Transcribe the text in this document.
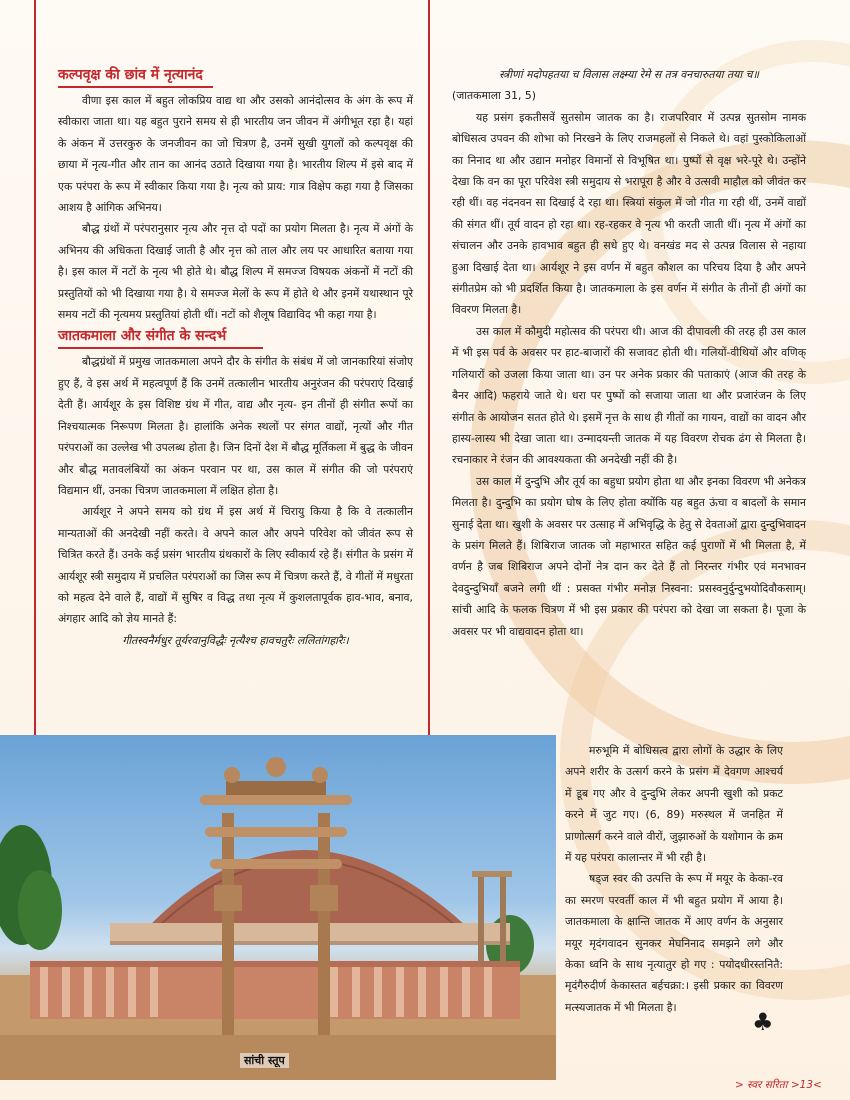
कल्पवृक्ष की छांव में नृत्यानंद

वीणा इस काल में बहुत लोकप्रिय वाद्य था और उसको आनंदोत्सव के अंग के रूप में स्वीकारा जाता था। यह बहुत पुराने समय से ही भारतीय जन जीवन में अंगीभूत रहा है। यहां के अंकन में उत्तरकुरु के जनजीवन का जो चित्रण है, उनमें सुखी युगलों को कल्पवृक्ष की छाया में नृत्य-गीत और तान का आनंद उठाते दिखाया गया है। भारतीय शिल्प में इसे बाद में एक परंपरा के रूप में स्वीकार किया गया है। नृत्य को प्राय: गात्र विक्षेप कहा गया है जिसका आशय है आंगिक अभिनय।

बौद्ध ग्रंथों में परंपरानुसार नृत्य और नृत्त दो पदों का प्रयोग मिलता है। नृत्य में अंगों के अभिनय की अधिकता दिखाई जाती है और नृत्त को ताल और लय पर आधारित बताया गया है। इस काल में नटों के नृत्य भी होते थे। बौद्ध शिल्प में समज्ज विषयक अंकनों में नटों की प्रस्तुतियों को भी दिखाया गया है। ये समज्ज मेलों के रूप में होते थे और इनमें यथास्थान पूरे समय नटों की नृत्यमय प्रस्तुतियां होती थीं। नटों को शैलूष विद्याविद भी कहा गया है।

जातकमाला और संगीत के सन्दर्भ

बौद्धग्रंथों में प्रमुख जातकमाला अपने दौर के संगीत के संबंध में जो जानकारियां संजोए हुए हैं, वे इस अर्थ में महत्वपूर्ण हैं कि उनमें तत्कालीन भारतीय अनुरंजन की परंपराएं दिखाई देती हैं। आर्यशूर के इस विशिष्ट ग्रंथ में गीत, वाद्य और नृत्य- इन तीनों ही संगीत रूपों का निश्चयात्मक निरूपण मिलता है। हालांकि अनेक स्थलों पर संगत वाद्यों, नृत्यों और गीत परंपराओं का उल्लेख भी उपलब्ध होता है। जिन दिनों देश में बौद्ध मूर्तिकला में बुद्ध के जीवन और बौद्ध मतावलंबियों का अंकन परवान पर था, उस काल में संगीत की जो परंपराएं विद्यमान थीं, उनका चित्रण जातकमाला में लक्षित होता है।

आर्यशूर ने अपने समय को ग्रंथ में इस अर्थ में चिरायु किया है कि वे तत्कालीन मान्यताओं की अनदेखी नहीं करते। वे अपने काल और अपने परिवेश को जीवंत रूप से चित्रित करते हैं। उनके कई प्रसंग भारतीय ग्रंथकारों के लिए स्वीकार्य रहे हैं। संगीत के प्रसंग में आर्यशूर स्त्री समुदाय में प्रचलित परंपराओं का जिस रूप में चित्रण करते हैं, वे गीतों में मधुरता को महत्व देने वाले हैं, वाद्यों में सुषिर व विद्ध तथा नृत्य में कुशलतापूर्वक हाव-भाव, बनाव, अंगहार आदि को ज्ञेय मानते हैं:

गीतस्वनैर्मधुर तूर्यरवानुविद्धैः नृत्यैश्च हावचतुरैः ललितांगहारैः।

स्त्रीणां मदोपहतया च विलास लक्ष्म्या रेमे स तत्र वनचारुतया तया च॥

(जातकमाला 31, 5)

यह प्रसंग इकतीसवें सुतसोम जातक का है। राजपरिवार में उत्पन्न सुतसोम नामक बोधिसत्व उपवन की शोभा को निरखने के लिए राजमहलों से निकले थे। वहां पुस्कोकिलाओं का निनाद था और उद्यान मनोहर विमानों से विभूषित था। पुष्पों से वृक्ष भरे-पूरे थे। उन्होंने देखा कि वन का पूरा परिवेश स्त्री समुदाय से भरापूरा है और वे उत्सवी माहौल को जीवंत कर रही थीं। वह नंदनवन सा दिखाई दे रहा था। स्त्रियां संकुल में जो गीत गा रही थीं, उनमें वाद्यों की संगत थीं। तूर्य वादन हो रहा था। रह-रहकर वे नृत्य भी करती जाती थीं। नृत्य में अंगों का संचालन और उनके हावभाव बहुत ही सधे हुए थे। वनखंड मद से उत्पन्न विलास से नहाया हुआ दिखाई देता था। आर्यशूर ने इस वर्णन में बहुत कौशल का परिचय दिया है और अपने संगीतप्रेम को भी प्रदर्शित किया है। जातकमाला के इस वर्णन में संगीत के तीनों ही अंगों का विवरण मिलता है।

उस काल में कौमुदी महोत्सव की परंपरा थी। आज की दीपावली की तरह ही उस काल में भी इस पर्व के अवसर पर हाट-बाजारों की सजावट होती थी। गलियों-वीथियों और वणिक् गलियारों को उजला किया जाता था। उन पर अनेक प्रकार की पताकाएं (आज की तरह के बैनर आदि) फहराये जाते थे। धरा पर पुष्पों को सजाया जाता था और प्रजारंजन के लिए संगीत के आयोजन सतत होते थे। इसमें नृत्त के साथ ही गीतों का गायन, वाद्यों का वादन और हास्य-लास्य भी देखा जाता था। उन्मादयन्ती जातक में यह विवरण रोचक ढंग से मिलता है। रचनाकार ने रंजन की आवश्यकता की अनदेखी नहीं की है।

उस काल में दुन्दुभि और तूर्य का बहुधा प्रयोग होता था और इनका विवरण भी अनेकत्र मिलता है। दुन्दुभि का प्रयोग घोष के लिए होता क्योंकि यह बहुत ऊंचा व बादलों के समान सुनाई देता था। खुशी के अवसर पर उत्साह में अभिवृद्धि के हेतु से देवताओं द्वारा दुन्दुभिवादन के प्रसंग मिलते हैं। शिबिराज जातक जो महाभारत सहित कई पुराणों में भी मिलता है, में वर्णन है जब शिबिराज अपने दोनों नेत्र दान कर देते हैं तो निरन्तर गंभीर एवं मनभावन देवदुन्दुभियाँ बजने लगी थीं : प्रसक्त गंभीर मनोज्ञ निस्वना: प्रसस्वनुर्दुन्दुभयोदिवौकसाम्। सांची आदि के फलक चित्रण में भी इस प्रकार की परंपरा को देखा जा सकता है। पूजा के अवसर पर भी वाद्यवादन होता था।

मरुभूमि में बोधिसत्व द्वारा लोगों के उद्धार के लिए अपने शरीर के उत्सर्ग करने के प्रसंग में देवगण आश्चर्य में डूब गए और वे दुन्दुभि लेकर अपनी खुशी को प्रकट करने में जुट गए। (6, 89) मरुस्थल में जनहित में प्राणोत्सर्ग करने वाले वीरों, जुझारुओं के यशोगान के क्रम में यह परंपरा कालान्तर में भी रही है।

षड्ज स्वर की उत्पत्ति के रूप में मयूर के केका-रव का स्मरण परवर्ती काल में भी बहुत प्रयोग में आया है। जातकमाला के क्षान्ति जातक में आए वर्णन के अनुसार मयूर मृदंगवादन सुनकर मेघनिनाद समझने लगे और केका ध्वनि के साथ नृत्यातुर हो गए : पयोदधीरस्तनितै: मृदंगैरुदीर्ण केकास्तत बर्हचक्रा:। इसी प्रकार का विवरण मत्स्यजातक में भी मिलता है।

सांची स्तूप
♣
> स्वर सरिता >13<
